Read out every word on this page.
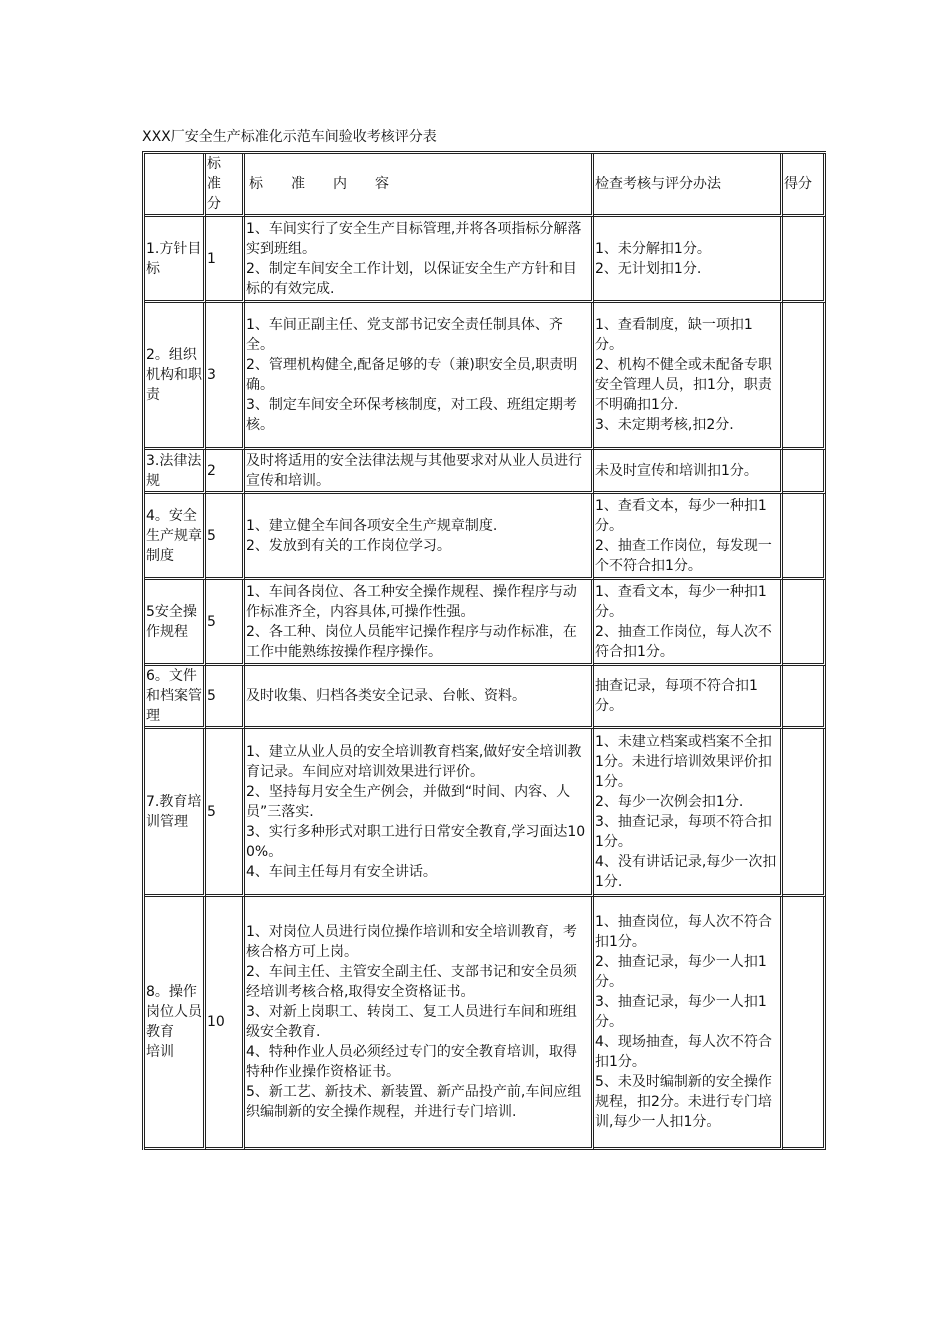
XXX厂安全生产标准化示范车间验收考核评分表
	标
准
分	标　　准　　内　　容	检查考核与评分办法	得分
1.方针目标	1	1、车间实行了安全生产目标管理,并将各项指标分解落实到班组。
2、制定车间安全工作计划，以保证安全生产方针和目标的有效完成.	1、未分解扣1分。
2、无计划扣1分.	
2。组织机构和职责	3	1、车间正副主任、党支部书记安全责任制具体、齐全。
2、管理机构健全,配备足够的专（兼)职安全员,职责明确。
3、制定车间安全环保考核制度，对工段、班组定期考核。	1、查看制度，缺一项扣1分。
2、机构不健全或未配备专职安全管理人员，扣1分，职责不明确扣1分.
3、未定期考核,扣2分.	
3.法律法规	2	及时将适用的安全法律法规与其他要求对从业人员进行宣传和培训。	未及时宣传和培训扣1分。	
4。安全生产规章制度	5	1、建立健全车间各项安全生产规章制度.
2、发放到有关的工作岗位学习。	1、查看文本，每少一种扣1分。
2、抽查工作岗位，每发现一个不符合扣1分。	
5安全操作规程	5	1、车间各岗位、各工种安全操作规程、操作程序与动作标准齐全，内容具体,可操作性强。
2、各工种、岗位人员能牢记操作程序与动作标准，在工作中能熟练按操作程序操作。	1、查看文本，每少一种扣1分。
2、抽查工作岗位，每人次不符合扣1分。	
6。文件和档案管理	5	及时收集、归档各类安全记录、台帐、资料。	抽查记录，每项不符合扣1分。	
7.教育培训管理	5	1、建立从业人员的安全培训教育档案,做好安全培训教育记录。车间应对培训效果进行评价。
2、坚持每月安全生产例会，并做到“时间、内容、人员”三落实.
3、实行多种形式对职工进行日常安全教育,学习面达100%。
4、车间主任每月有安全讲话。	1、未建立档案或档案不全扣1分。未进行培训效果评价扣1分。
2、每少一次例会扣1分.
3、抽查记录，每项不符合扣1分。
4、没有讲话记录,每少一次扣1分.	
8。操作岗位人员教育
培训	10	1、对岗位人员进行岗位操作培训和安全培训教育，考核合格方可上岗。
2、车间主任、主管安全副主任、支部书记和安全员须经培训考核合格,取得安全资格证书。
3、对新上岗职工、转岗工、复工人员进行车间和班组级安全教育.
4、特种作业人员必须经过专门的安全教育培训，取得特种作业操作资格证书。
5、新工艺、新技术、新装置、新产品投产前,车间应组织编制新的安全操作规程，并进行专门培训.	1、抽查岗位，每人次不符合扣1分。
2、抽查记录，每少一人扣1分。
3、抽查记录，每少一人扣1分。
4、现场抽查，每人次不符合扣1分。
5、未及时编制新的安全操作规程，扣2分。未进行专门培训,每少一人扣1分。	
